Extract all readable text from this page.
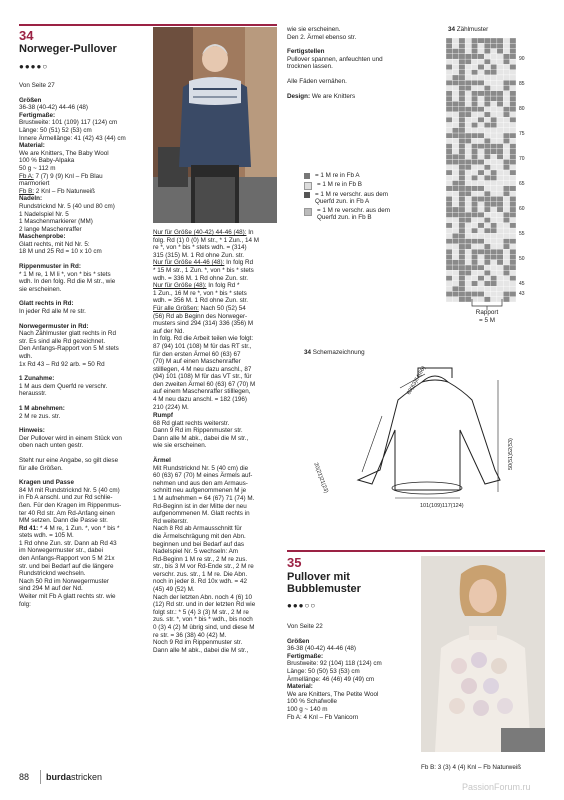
34
Norweger-Pullover
●●●●○

Von Seite 27

Größen
36-38 (40-42) 44-46 (48)
Fertigmaße:
Brustweite: 101 (109) 117 (124) cm
Länge: 50 (51) 52 (53) cm
Innere Ärmellänge: 41 (42) 43 (44) cm
Material:
We are Knitters, The Baby Wool
100 % Baby-Alpaka
50 g ~ 112 m
Fb A: 7 (7) 9 (9) Knl – Fb Blau
marmoriert
Fb B: 2 Knl – Fb Naturweiß
Nadeln:
Rundstricknd Nr. 5 (40 und 80 cm)
1 Nadelspiel Nr. 5
1 Maschenmarkierer (MM)
2 lange Maschenraffer
Maschenprobe:
Glatt rechts, mit Nd Nr. 5:

18 M und 25 Rd = 10 x 10 cm

Rippenmuster in Rd:
* 1 M re, 1 M li *, von * bis * stets
wdh. In den folg. Rd die M str., wie

sie erscheinen.

Glatt rechts in Rd:

In jeder Rd alle M re str.

Norwegermuster in Rd:
Nach Zählmuster glatt rechts in Rd
str. Es sind alle Rd gezeichnet.
Den Anfangs-Rapport von 5 M stets
wdh.

1x Rd 43 – Rd 92 arb. = 50 Rd

1 Zunahme:
1 M aus dem Querfd re verschr.

herausstr.

1 M abnehmen:

2 M re zus. str.

Hinweis:
Der Pullover wird in einem Stück von

oben nach unten gestr.

Steht nur eine Angabe, so gilt diese

für alle Größen.

Kragen und Passe
84 M mit Rundstricknd Nr. 5 (40 cm)
in Fb A anschl. und zur Rd schlie-
ßen. Für den Kragen im Rippenmus-
ter 40 Rd str. Am Rd-Anfang einen
MM setzen. Dann die Passe str.
Rd 41: * 4 M re, 1 Zun. *, von * bis *
stets wdh. = 105 M.
1 Rd ohne Zun. str. Dann ab Rd 43
im Norwegermuster str., dabei
den Anfangs-Rapport von 5 M 21x
str. und bei Bedarf auf die längere
Rundstricknd wechseln.
Nach 50 Rd im Norwegermuster
sind 294 M auf der Nd.
Weiter mit Fb A glatt rechts str. wie
folg:
Nur für Größe (40-42) 44-46 (48): In
folg. Rd (1) 0 (0) M str., * 1 Zun., 14 M
re *, von * bis * stets wdh. = (314)
315 (315) M. 1 Rd ohne Zun. str.
Nur für Größe 44-46 (48): In folg Rd
* 15 M str., 1 Zun. *, von * bis * stets
wdh. = 336 M. 1 Rd ohne Zun. str.
Nur für Größe (48): In folg Rd *
1 Zun., 16 M re *, von * bis * stets
wdh. = 356 M. 1 Rd ohne Zun. str.
Für alle Größen: Nach 50 (52) 54
(56) Rd ab Beginn des Norweger-
musters sind 294 (314) 336 (356) M
auf der Nd.
In folg. Rd die Arbeit teilen wie folgt:
87 (94) 101 (108) M für das RT str.,
für den ersten Ärmel 60 (63) 67
(70) M auf einen Maschenraffer
stilllegen, 4 M neu dazu anschl., 87
(94) 101 (108) M für das VT str., für
den zweiten Ärmel 60 (63) 67 (70) M
auf einem Maschenraffer stilllegen,
4 M neu dazu anschl. = 182 (196)
210 (224) M.
Rumpf
68 Rd glatt rechts weiterstr.
Dann 9 Rd im Rippenmuster str.
Dann alle M abk., dabei die M str.,

wie sie erscheinen.

Ärmel
Mit Rundstricknd Nr. 5 (40 cm) die
60 (63) 67 (70) M eines Ärmels auf-
nehmen und aus den am Armaus-
schnitt neu aufgenommenen M je
1 M aufnehmen = 64 (67) 71 (74) M.
Rd-Beginn ist in der Mitte der neu
aufgenommenen M. Glatt rechts in
Rd weiterstr.
Nach 8 Rd ab Armausschnitt für
die Ärmelschrägung mit den Abn.
beginnen und bei Bedarf auf das
Nadelspiel Nr. 5 wechseln: Am
Rd-Beginn 1 M re str., 2 M re zus.
str., bis 3 M vor Rd-Ende str., 2 M re
verschr. zus. str., 1 M re. Die Abn.
noch in jeder 8. Rd 10x wdh. = 42
(45) 49 (52) M.
Nach der letzten Abn. noch 4 (6) 10
(12) Rd str. und in der letzten Rd wie
folgt str.: * 5 (4) 3 (3) M str., 2 M re
zus. str. *, von * bis * wdh., bis noch
0 (3) 4 (2) M übrig sind, und diese M
re str. = 36 (38) 40 (42) M.
Noch 9 Rd im Rippenmuster str.
Dann alle M abk., dabei die M str.,
wie sie erscheinen.

Den 2. Ärmel ebenso str.

Fertigstellen
Pullover spannen, anfeuchten und

trocknen lassen.

Alle Fäden vernähen.

Design: We are Knitters
= 1 M re in Fb A
= 1 M re in Fb B
= 1 M re verschr. aus dem
Querfd zun. in Fb A
= 1 M re verschr. aus dem
Querfd zun. in Fb B
34 Zählmuster
90
85
80
75
70
65
60
55
50
45
43
Rapport
= 5 M
34 Schemazeichnung
60(63)64(66)
20(21)21(23)
50(51)52(53)
101(109)117(124)
35
Pullover mit
Bubblemuster
●●●○○

Von Seite 22

Größen
36-38 (40-42) 44-46 (48)
Fertigmaße:
Brustweite: 92 (104) 118 (124) cm
Länge: 50 (50) 53 (53) cm
Ärmellänge: 46 (46) 49 (49) cm
Material:
We are Knitters, The Petite Wool
100 % Schafwolle
100 g ~ 140 m
Fb A: 4 Knl – Fb Vanicorn
Fb B: 3 (3) 4 (4) Knl – Fb Naturweiß
88 burdastricken
PassionForum.ru
